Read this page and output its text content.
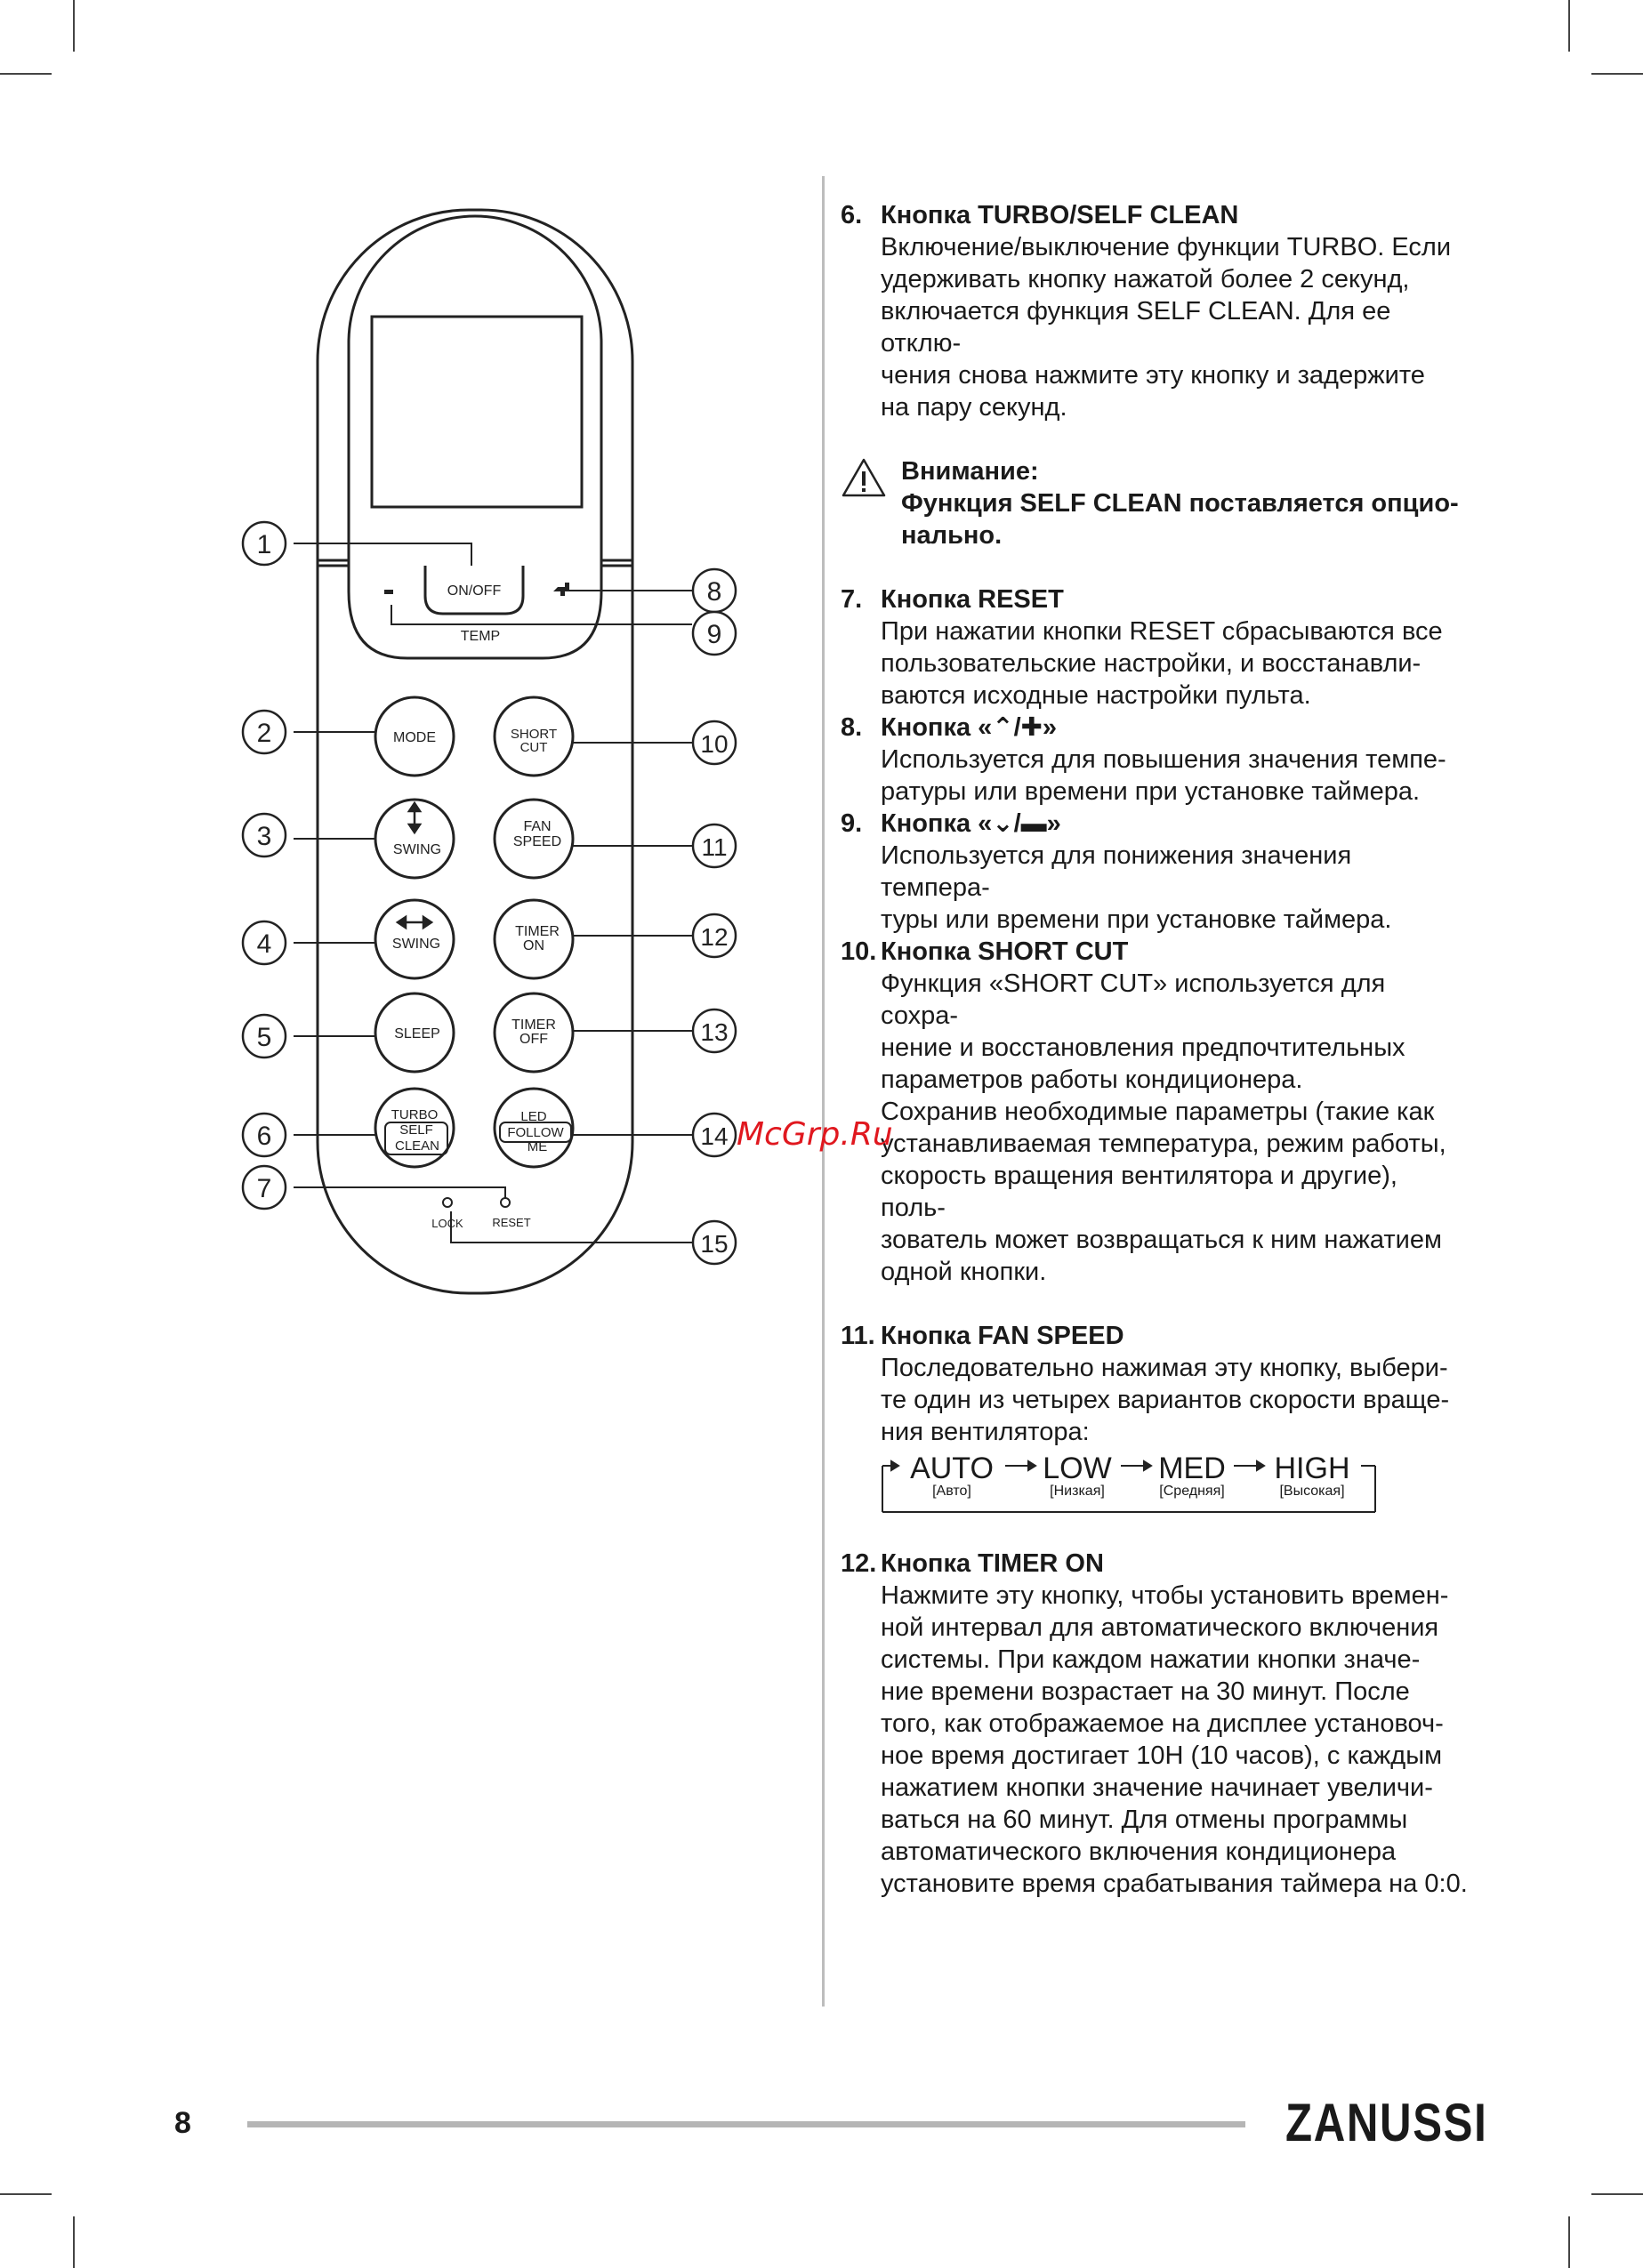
ON/OFF
TEMP
MODE	SHORT
CUT
SWING
FAN
SPEED
SWING
TIMER
ON
SLEEP
TIMER
OFF
TURBO
SELF
CLEAN
LED
FOLLOW
ME
LOCK	RESET
1
2
3
4
5
6
7
8
9
10
11
12
13
14
15
6. Кнопка TURBO/SELF CLEAN
Включение/выключение функции TURBO. Если
удерживать кнопку нажатой более 2 секунд,
включается функция SELF CLEAN. Для ее отклю-
чения снова нажмите эту кнопку и задержите
на пару секунд.
Внимание:
Функция SELF CLEAN поставляется опцио-
нально.
7. Кнопка RESET
При нажатии кнопки RESET сбрасываются все
пользовательские настройки, и восстанавли-
ваются исходные настройки пульта.
8. Кнопка «⌃/✚»
Используется для повышения значения темпе-
ратуры или времени при установке таймера.
9. Кнопка «⌄/▬»
Используется для понижения значения темпера-
туры или времени при установке таймера.
10. Кнопка SHORT CUT
Функция «SHORT CUT» используется для сохра-
нение и восстановления предпочтительных
параметров работы кондиционера.
Сохранив необходимые параметры (такие как
устанавливаемая температура, режим работы,
скорость вращения вентилятора и другие), поль-
зователь может возвращаться к ним нажатием
одной кнопки.
11. Кнопка FAN SPEED
Последовательно нажимая эту кнопку, выбери-
те один из четырех вариантов скорости враще-
ния вентилятора:
AUTO
[Авто]
LOW
[Низкая]
MED
[Средняя]
HIGH
[Высокая]
12. Кнопка TIMER ON
Нажмите эту кнопку, чтобы установить времен-
ной интервал для автоматического включения
системы. При каждом нажатии кнопки значе-
ние времени возрастает на 30 минут. После
того, как отображаемое на дисплее установоч-
ное время достигает 10H (10 часов), с каждым
нажатием кнопки значение начинает увеличи-
ваться на 60 минут. Для отмены программы
автоматического включения кондиционера
установите время срабатывания таймера на 0:0.
McGrp.Ru
8	ZANUSSI
